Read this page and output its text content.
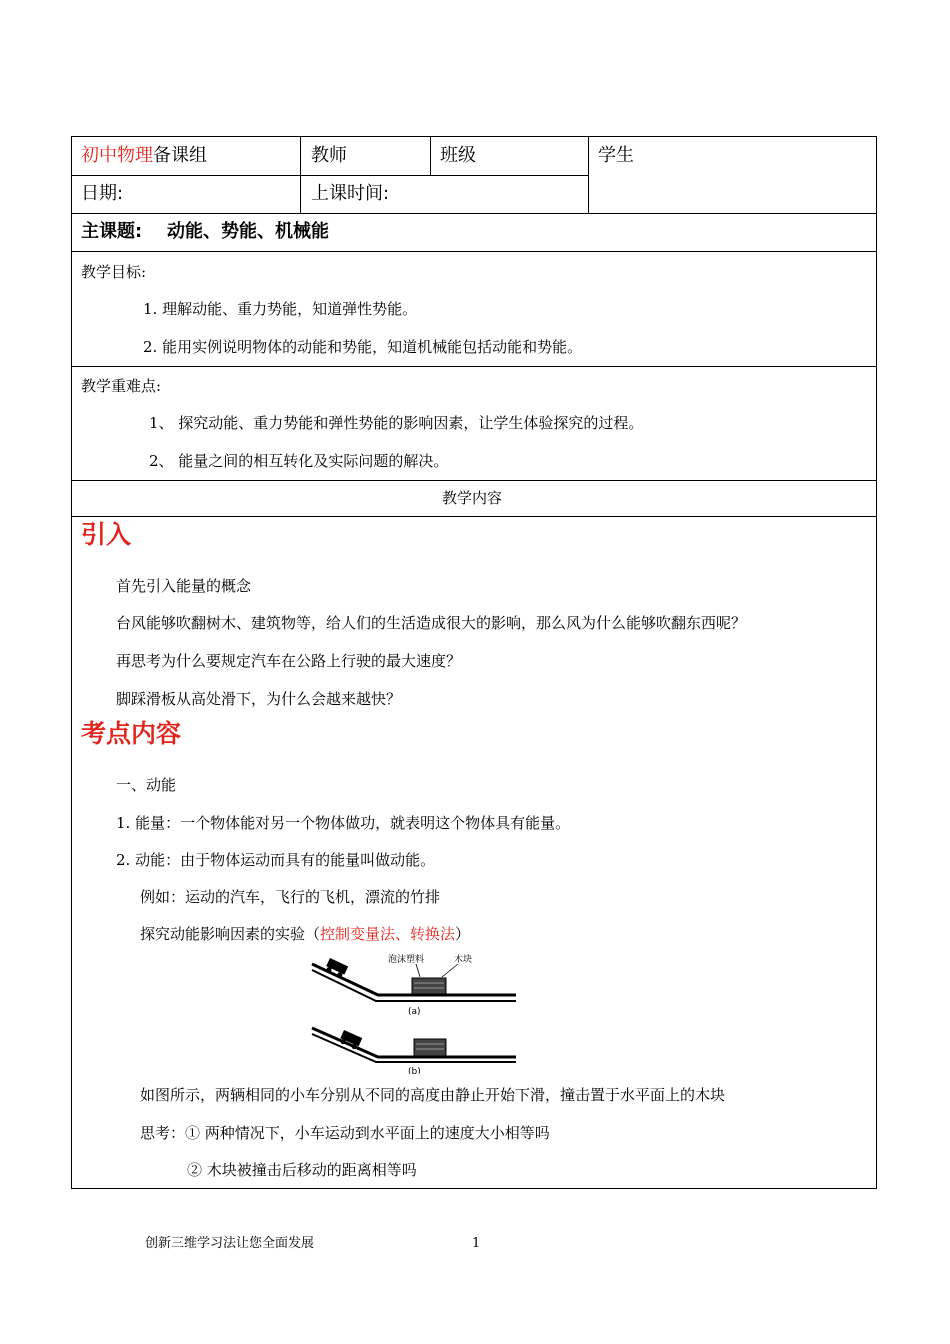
初中物理备课组	教师	班级	学生
日期:	上课时间:
主课题: 动能、势能、机械能
教学目标:
1. 理解动能、重力势能，知道弹性势能。
2. 能用实例说明物体的动能和势能，知道机械能包括动能和势能。
教学重难点:
1、 探究动能、重力势能和弹性势能的影响因素，让学生体验探究的过程。
2、 能量之间的相互转化及实际问题的解决。
教学内容
引入
首先引入能量的概念
台风能够吹翻树木、建筑物等，给人们的生活造成很大的影响，那么风为什么能够吹翻东西呢？
再思考为什么要规定汽车在公路上行驶的最大速度？
脚踩滑板从高处滑下，为什么会越来越快？
考点内容
一、动能
1. 能量：一个物体能对另一个物体做功，就表明这个物体具有能量。
2. 动能：由于物体运动而具有的能量叫做动能。
例如：运动的汽车，飞行的飞机，漂流的竹排
探究动能影响因素的实验（控制变量法、转换法）
泡沫塑料	木块
(a)
(b)
如图所示，两辆相同的小车分别从不同的高度由静止开始下滑，撞击置于水平面上的木块
思考：① 两种情况下，小车运动到水平面上的速度大小相等吗
② 木块被撞击后移动的距离相等吗
创新三维学习法让您全面发展	1
